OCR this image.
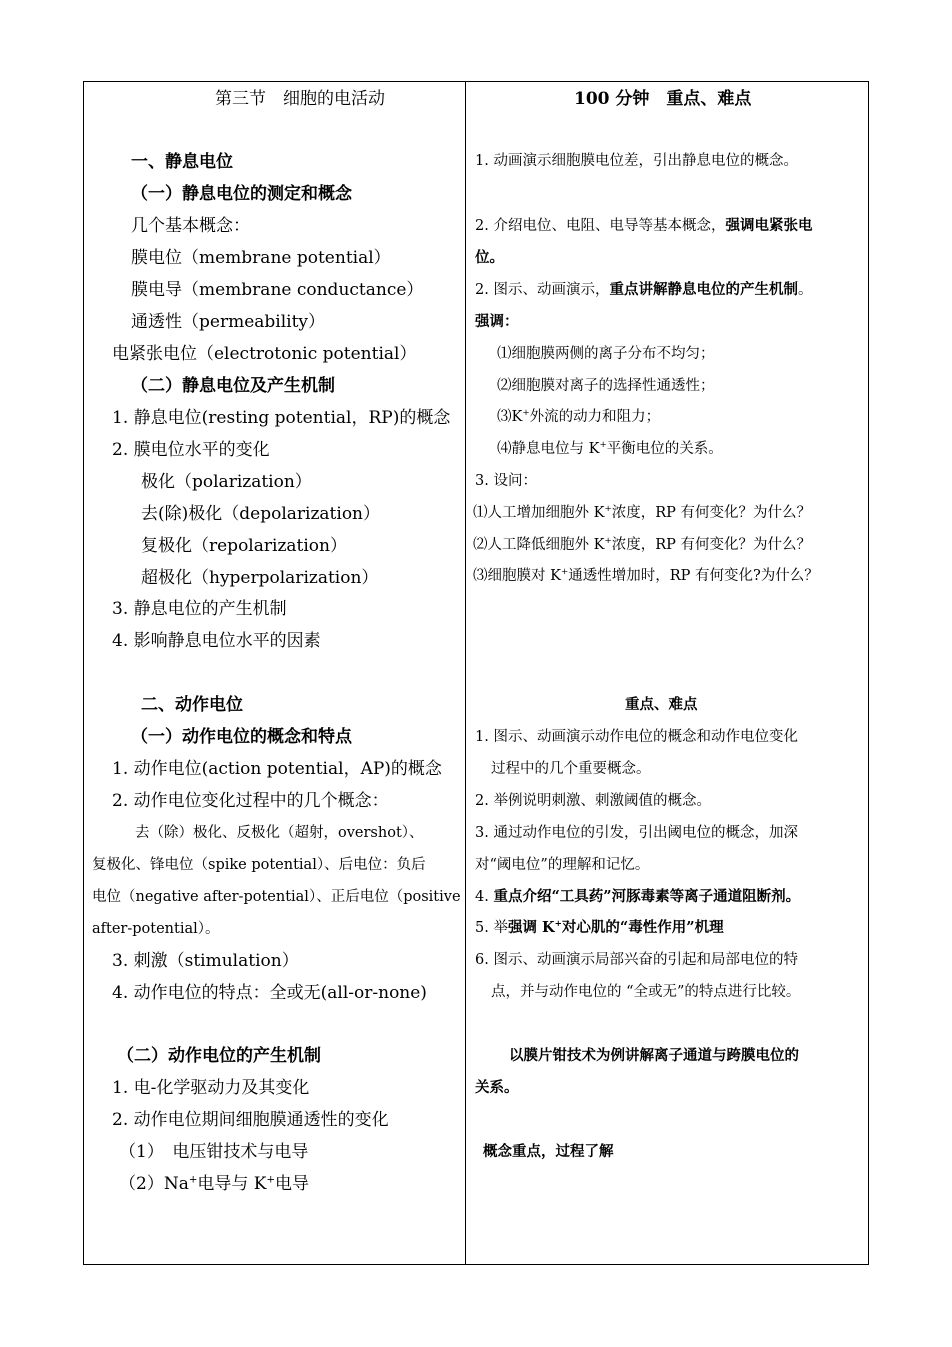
第三节　细胞的电活动
一、静息电位
（一）静息电位的测定和概念
几个基本概念：
膜电位（membrane potential）
膜电导（membrane conductance）
通透性（permeability）
电紧张电位（electrotonic potential）
（二）静息电位及产生机制
1. 静息电位(resting potential，RP)的概念
2. 膜电位水平的变化
极化（polarization）
去(除)极化（depolarization）
复极化（repolarization）
超极化（hyperpolarization）
3. 静息电位的产生机制
4. 影响静息电位水平的因素
二、动作电位
（一）动作电位的概念和特点
1. 动作电位(action potential，AP)的概念
2. 动作电位变化过程中的几个概念：
去（除）极化、反极化（超射，overshot）、
复极化、锋电位（spike potential）、后电位：负后
电位（negative after-potential）、正后电位（positive
after-potential）。
3. 刺激（stimulation）
4. 动作电位的特点：全或无(all-or-none)
（二）动作电位的产生机制
1. 电-化学驱动力及其变化
2. 动作电位期间细胞膜通透性的变化
（1）　电压钳技术与电导
（2）Na+电导与 K+电导
100 分钟　重点、难点
1. 动画演示细胞膜电位差，引出静息电位的概念。
2. 介绍电位、电阻、电导等基本概念，强调电紧张电
位。
2. 图示、动画演示，重点讲解静息电位的产生机制。
强调：
⑴细胞膜两侧的离子分布不均匀；
⑵细胞膜对离子的选择性通透性；
⑶K+外流的动力和阻力；
⑷静息电位与 K+平衡电位的关系。
3. 设问：
⑴人工增加细胞外 K+浓度，RP 有何变化？为什么？
⑵人工降低细胞外 K+浓度，RP 有何变化？为什么？
⑶细胞膜对 K+通透性增加时，RP 有何变化?为什么？
重点、难点
1. 图示、动画演示动作电位的概念和动作电位变化
过程中的几个重要概念。
2. 举例说明刺激、刺激阈值的概念。
3. 通过动作电位的引发，引出阈电位的概念，加深
对“阈电位”的理解和记忆。
4. 重点介绍“工具药”河豚毒素等离子通道阻断剂。
5. 举强调 K+对心肌的“毒性作用”机理
6. 图示、动画演示局部兴奋的引起和局部电位的特
点，并与动作电位的 “全或无”的特点进行比较。
以膜片钳技术为例讲解离子通道与跨膜电位的
关系。
概念重点，过程了解
